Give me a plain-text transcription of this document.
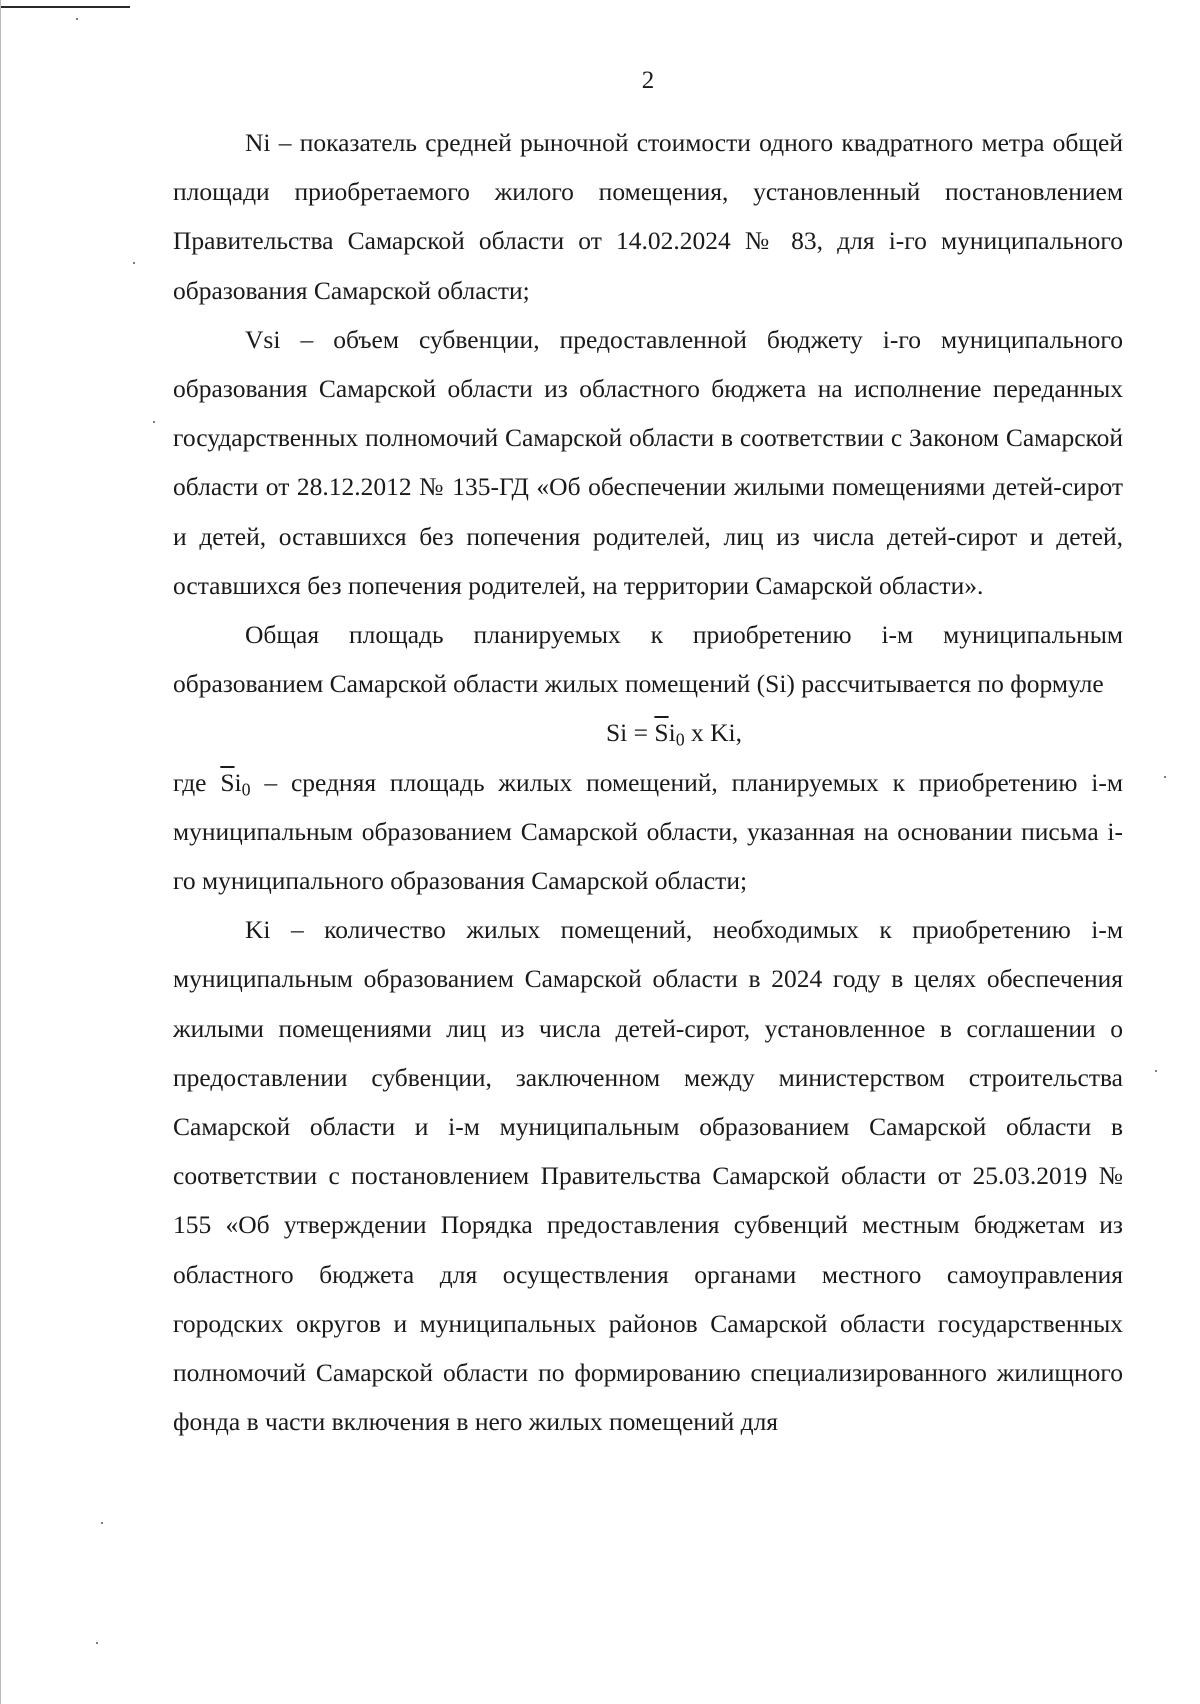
2

Ni – показатель средней рыночной стоимости одного квадратного метра общей площади приобретаемого жилого помещения, установленный постановлением Правительства Самарской области от 14.02.2024 № 83, для i-го муниципального образования Самарской области;

Vsi – объем субвенции, предоставленной бюджету i-го муниципального образования Самарской области из областного бюджета на исполнение переданных государственных полномочий Самарской области в соответствии с Законом Самарской области от 28.12.2012 № 135-ГД «Об обеспечении жилыми помещениями детей-сирот и детей, оставшихся без попечения родителей, лиц из числа детей-сирот и детей, оставшихся без попечения родителей, на территории Самарской области».

Общая площадь планируемых к приобретению i-м муниципальным образованием Самарской области жилых помещений (Si) рассчитывается по формуле

$Si = \overline{S}i_0$ x Ki,

где $\overline{S}i_0$ – средняя площадь жилых помещений, планируемых к приобретению i-м муниципальным образованием Самарской области, указанная на основании письма i-го муниципального образования Самарской области;

Ki – количество жилых помещений, необходимых к приобретению i-м муниципальным образованием Самарской области в 2024 году в целях обеспечения жилыми помещениями лиц из числа детей-сирот, установленное в соглашении о предоставлении субвенции, заключенном между министерством строительства Самарской области и i-м муниципальным образованием Самарской области в соответствии с постановлением Правительства Самарской области от 25.03.2019 № 155 «Об утверждении Порядка предоставления субвенций местным бюджетам из областного бюджета для осуществления органами местного самоуправления городских округов и муниципальных районов Самарской области государственных полномочий Самарской области по формированию специализированного жилищного фонда в части включения в него жилых помещений для
